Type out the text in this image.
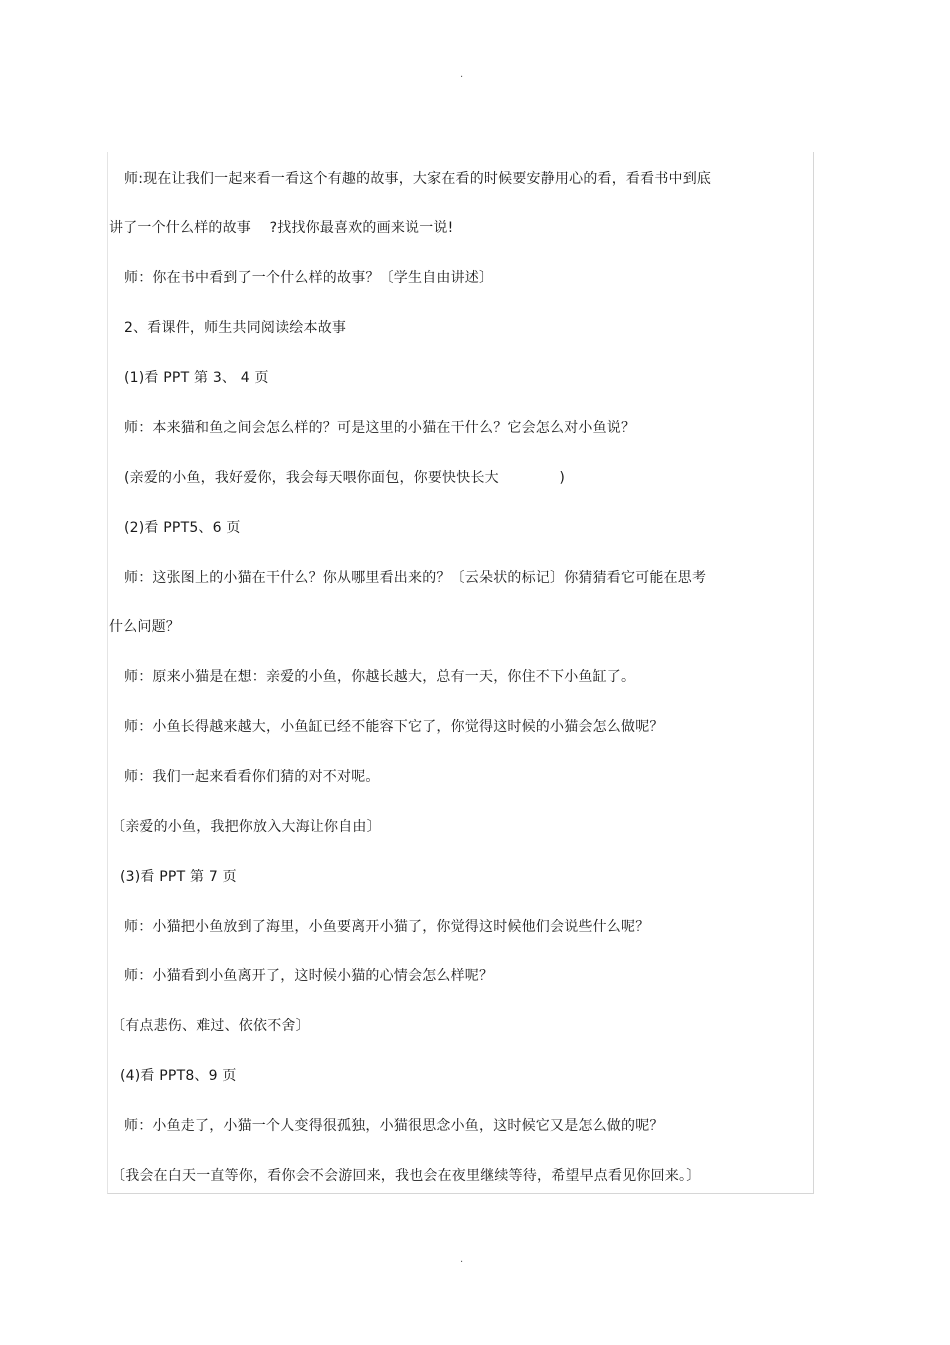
.
师:现在让我们一起来看一看这个有趣的故事，大家在看的时候要安静用心的看，看看书中到底
讲了一个什么样的故事    ?找找你最喜欢的画来说一说!
师：你在书中看到了一个什么样的故事？〔学生自由讲述〕
2、看课件，师生共同阅读绘本故事
(1)看 PPT 第 3、 4 页
师：本来猫和鱼之间会怎么样的？可是这里的小猫在干什么？它会怎么对小鱼说？
(亲爱的小鱼，我好爱你，我会每天喂你面包，你要快快长大             )
(2)看 PPT5、6 页
师：这张图上的小猫在干什么？你从哪里看出来的？〔云朵状的标记〕你猜猜看它可能在思考
什么问题？
师：原来小猫是在想：亲爱的小鱼，你越长越大，总有一天，你住不下小鱼缸了。
师：小鱼长得越来越大，小鱼缸已经不能容下它了，你觉得这时候的小猫会怎么做呢？
师：我们一起来看看你们猜的对不对呢。
〔亲爱的小鱼，我把你放入大海让你自由〕
(3)看 PPT 第 7 页
师：小猫把小鱼放到了海里，小鱼要离开小猫了，你觉得这时候他们会说些什么呢？
师：小猫看到小鱼离开了，这时候小猫的心情会怎么样呢？
〔有点悲伤、难过、依依不舍〕
(4)看 PPT8、9 页
师：小鱼走了，小猫一个人变得很孤独，小猫很思念小鱼，这时候它又是怎么做的呢？
〔我会在白天一直等你，看你会不会游回来，我也会在夜里继续等待，希望早点看见你回来。〕
.
